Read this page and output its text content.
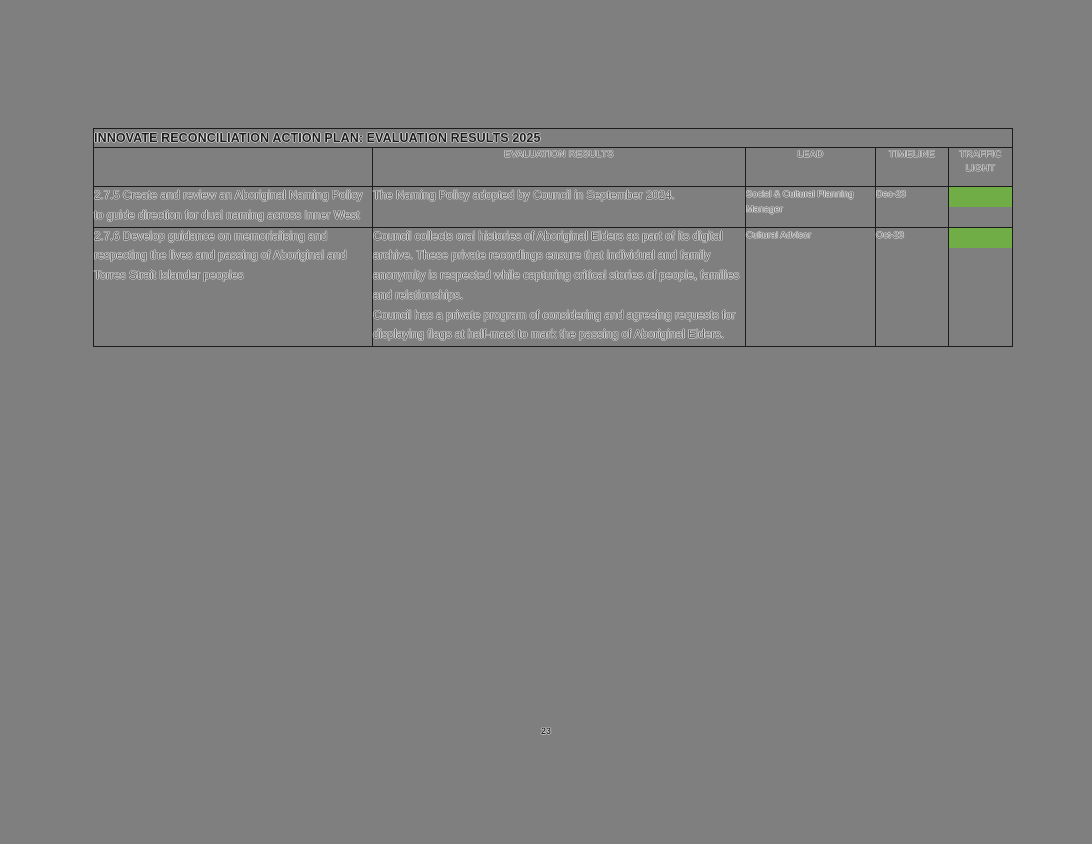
INNOVATE RECONCILIATION ACTION PLAN: EVALUATION RESULTS 2025				

	EVALUATION RESULTS	LEAD	TIMELINE	TRAFFIC
LIGHT

2.7.5 Create and review an Aboriginal Naming Policy to guide direction for dual naming across Inner West	The Naming Policy adopted by Council in September 2024.	Social & Cultural Planning Manager	Dec-23	

2.7.6 Develop guidance on memorialising and respecting the lives and passing of Aboriginal and Torres Strait Islander peoples	Council collects oral histories of Aboriginal Elders as part of its digital archive. These private recordings ensure that individual and family anonymity is respected while capturing critical stories of people, families and relationships.
Council has a private program of considering and agreeing requests for displaying flags at half-mast to mark the passing of Aboriginal Elders.	Cultural Advisor	Oct-23	

23
